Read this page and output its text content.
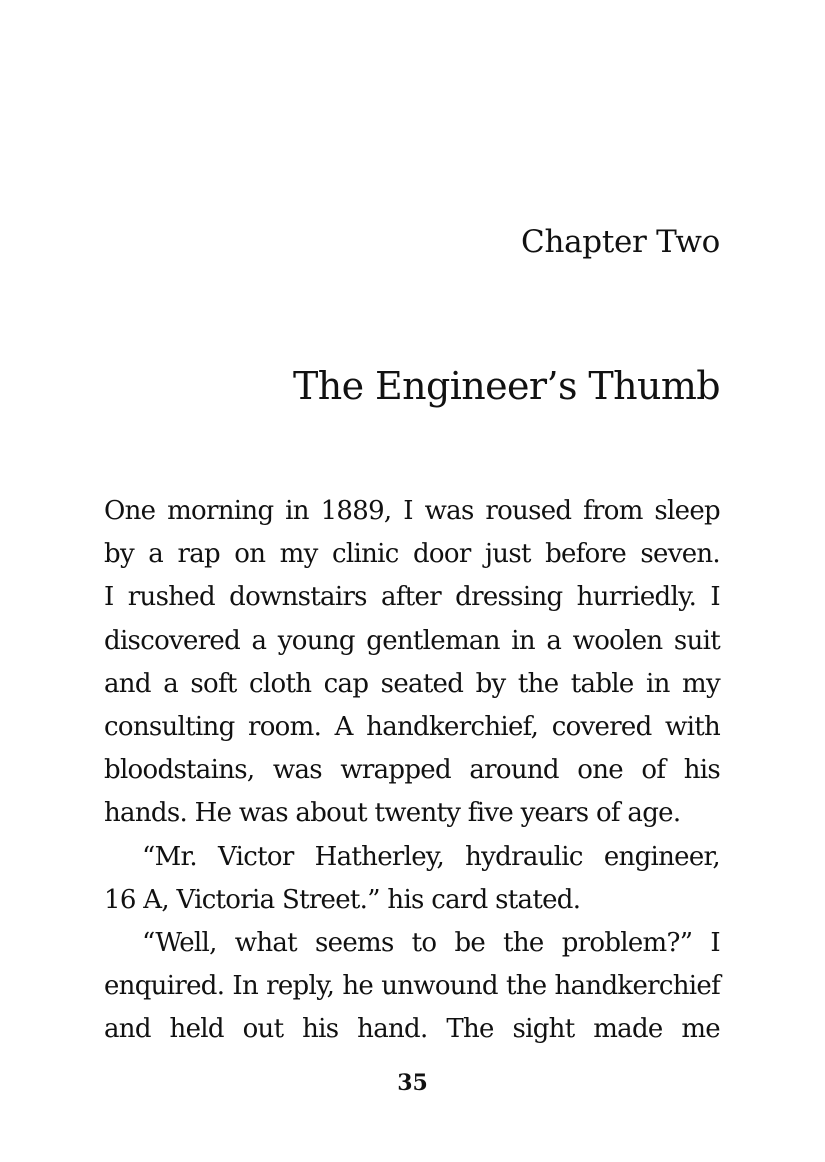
Chapter Two
The Engineer’s Thumb
One morning in 1889, I was roused from sleep
by a rap on my clinic door just before seven.
I rushed downstairs after dressing hurriedly. I
discovered a young gentleman in a woolen suit
and a soft cloth cap seated by the table in my
consulting room. A handkerchief, covered with
bloodstains, was wrapped around one of his
hands. He was about twenty five years of age.
“Mr. Victor Hatherley, hydraulic engineer,
16 A, Victoria Street.” his card stated.
“Well, what seems to be the problem?” I
enquired. In reply, he unwound the handkerchief
and held out his hand. The sight made me
35
